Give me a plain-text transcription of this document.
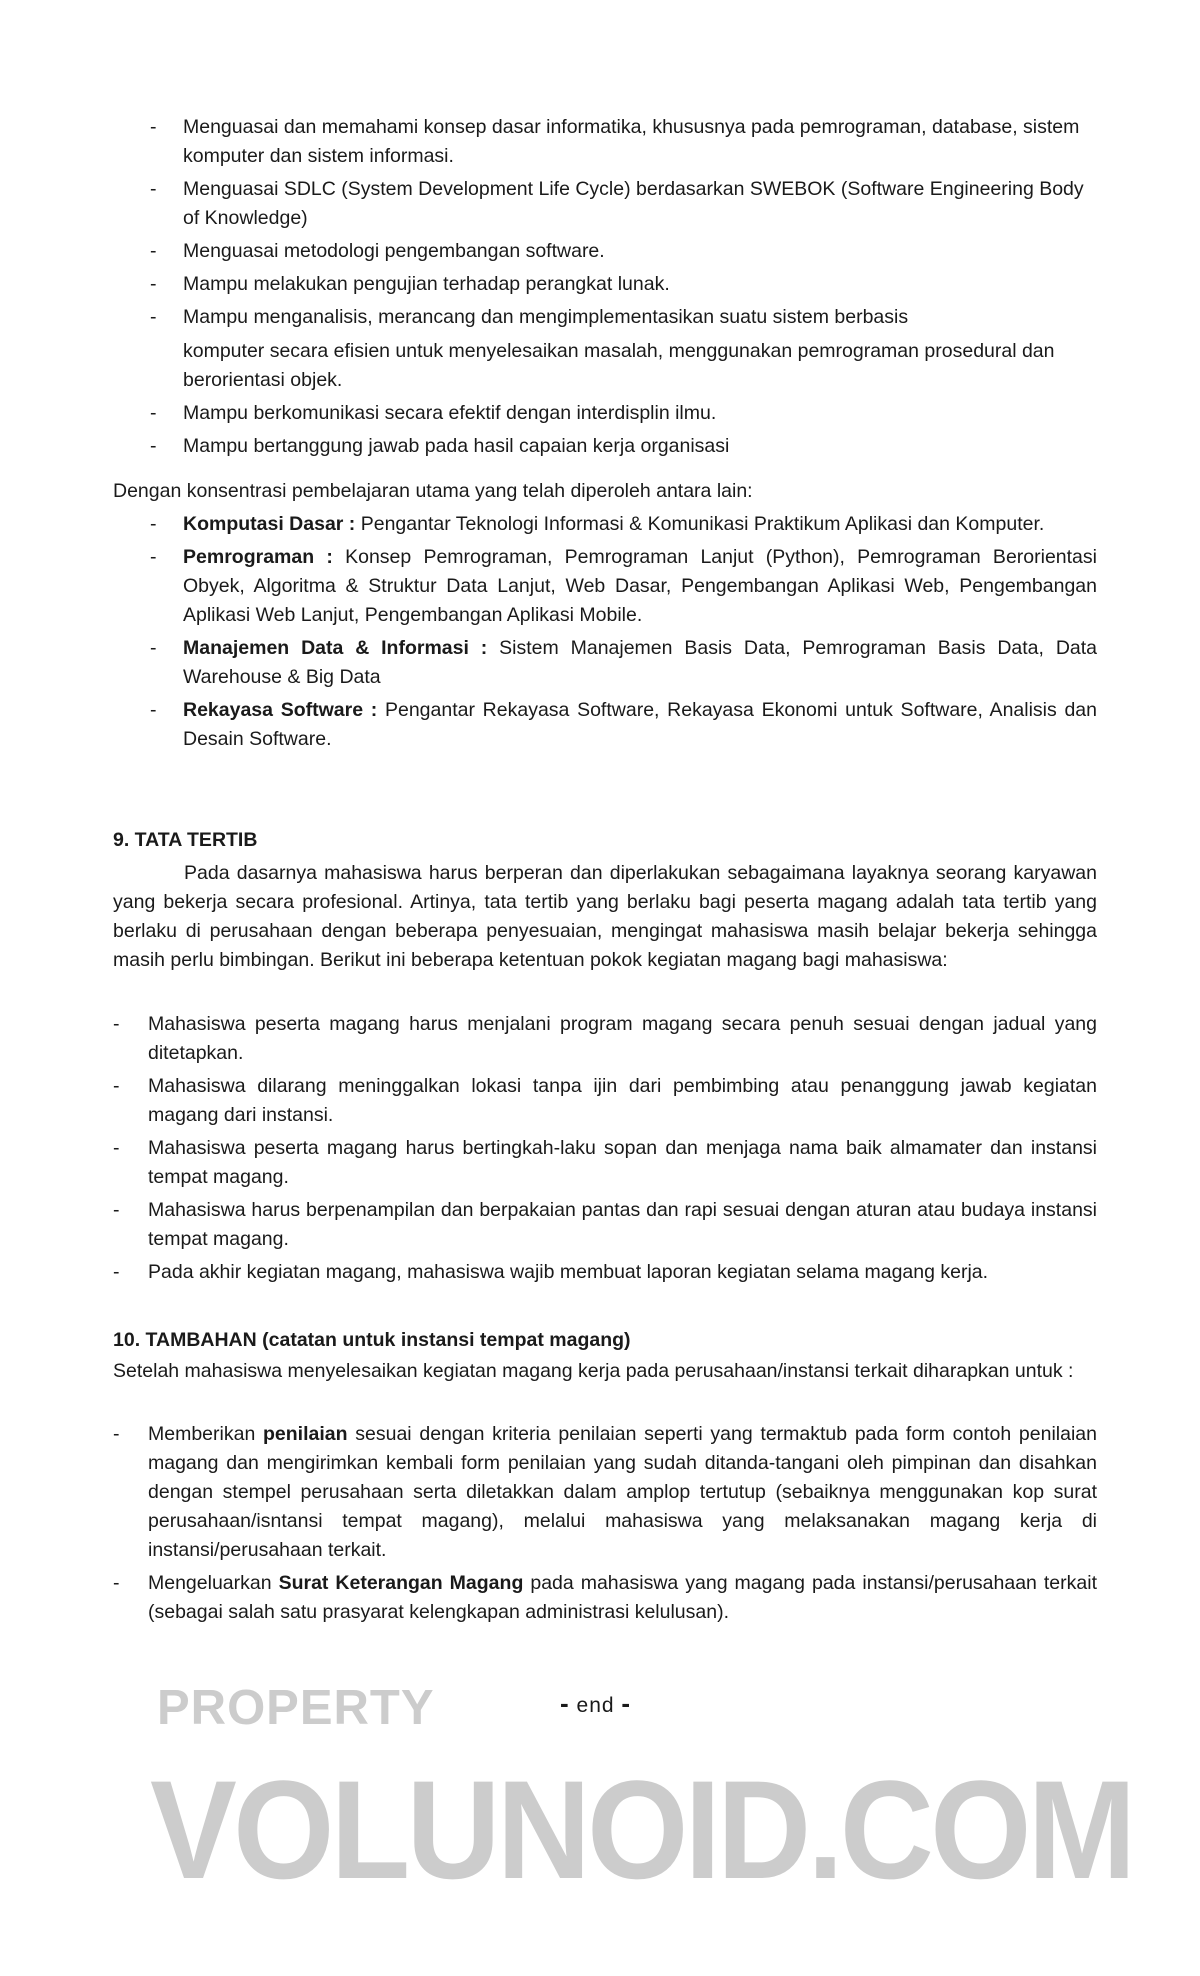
- Menguasai dan memahami konsep dasar informatika, khususnya pada pemrograman, database, sistem komputer dan sistem informasi.
- Menguasai SDLC (System Development Life Cycle) berdasarkan SWEBOK (Software Engineering Body of Knowledge)
- Menguasai metodologi pengembangan software.
- Mampu melakukan pengujian terhadap perangkat lunak.
- Mampu menganalisis, merancang dan mengimplementasikan suatu sistem berbasis
komputer secara efisien untuk menyelesaikan masalah, menggunakan pemrograman prosedural dan berorientasi objek.
- Mampu berkomunikasi secara efektif dengan interdisplin ilmu.
- Mampu bertanggung jawab pada hasil capaian kerja organisasi
Dengan konsentrasi pembelajaran utama yang telah diperoleh antara lain:
- Komputasi Dasar : Pengantar Teknologi Informasi & Komunikasi Praktikum Aplikasi dan Komputer.
- Pemrograman : Konsep Pemrograman, Pemrograman Lanjut (Python), Pemrograman Berorientasi Obyek, Algoritma & Struktur Data Lanjut, Web Dasar, Pengembangan Aplikasi Web, Pengembangan Aplikasi Web Lanjut, Pengembangan Aplikasi Mobile.
- Manajemen Data & Informasi : Sistem Manajemen Basis Data, Pemrograman Basis Data, Data Warehouse & Big Data
- Rekayasa Software : Pengantar Rekayasa Software, Rekayasa Ekonomi untuk Software, Analisis dan Desain Software.
9. TATA TERTIB
Pada dasarnya mahasiswa harus berperan dan diperlakukan sebagaimana layaknya seorang karyawan yang bekerja secara profesional. Artinya, tata tertib yang berlaku bagi peserta magang adalah tata tertib yang berlaku di perusahaan dengan beberapa penyesuaian, mengingat mahasiswa masih belajar bekerja sehingga masih perlu bimbingan. Berikut ini beberapa ketentuan pokok kegiatan magang bagi mahasiswa:
- Mahasiswa peserta magang harus menjalani program magang secara penuh sesuai dengan jadual yang ditetapkan.
- Mahasiswa dilarang meninggalkan lokasi tanpa ijin dari pembimbing atau penanggung jawab kegiatan magang dari instansi.
- Mahasiswa peserta magang harus bertingkah-laku sopan dan menjaga nama baik almamater dan instansi tempat magang.
- Mahasiswa harus berpenampilan dan berpakaian pantas dan rapi sesuai dengan aturan atau budaya instansi tempat magang.
- Pada akhir kegiatan magang, mahasiswa wajib membuat laporan kegiatan selama magang kerja.
10. TAMBAHAN (catatan untuk instansi tempat magang)
Setelah mahasiswa menyelesaikan kegiatan magang kerja pada perusahaan/instansi terkait diharapkan untuk :
- Memberikan penilaian sesuai dengan kriteria penilaian seperti yang termaktub pada form contoh penilaian magang dan mengirimkan kembali form penilaian yang sudah ditanda-tangani oleh pimpinan dan disahkan dengan stempel perusahaan serta diletakkan dalam amplop tertutup (sebaiknya menggunakan kop surat perusahaan/isntansi tempat magang), melalui mahasiswa yang melaksanakan magang kerja di instansi/perusahaan terkait.
- Mengeluarkan Surat Keterangan Magang pada mahasiswa yang magang pada instansi/perusahaan terkait (sebagai salah satu prasyarat kelengkapan administrasi kelulusan).
- end -
PROPERTY
VOLUNOID.COM
